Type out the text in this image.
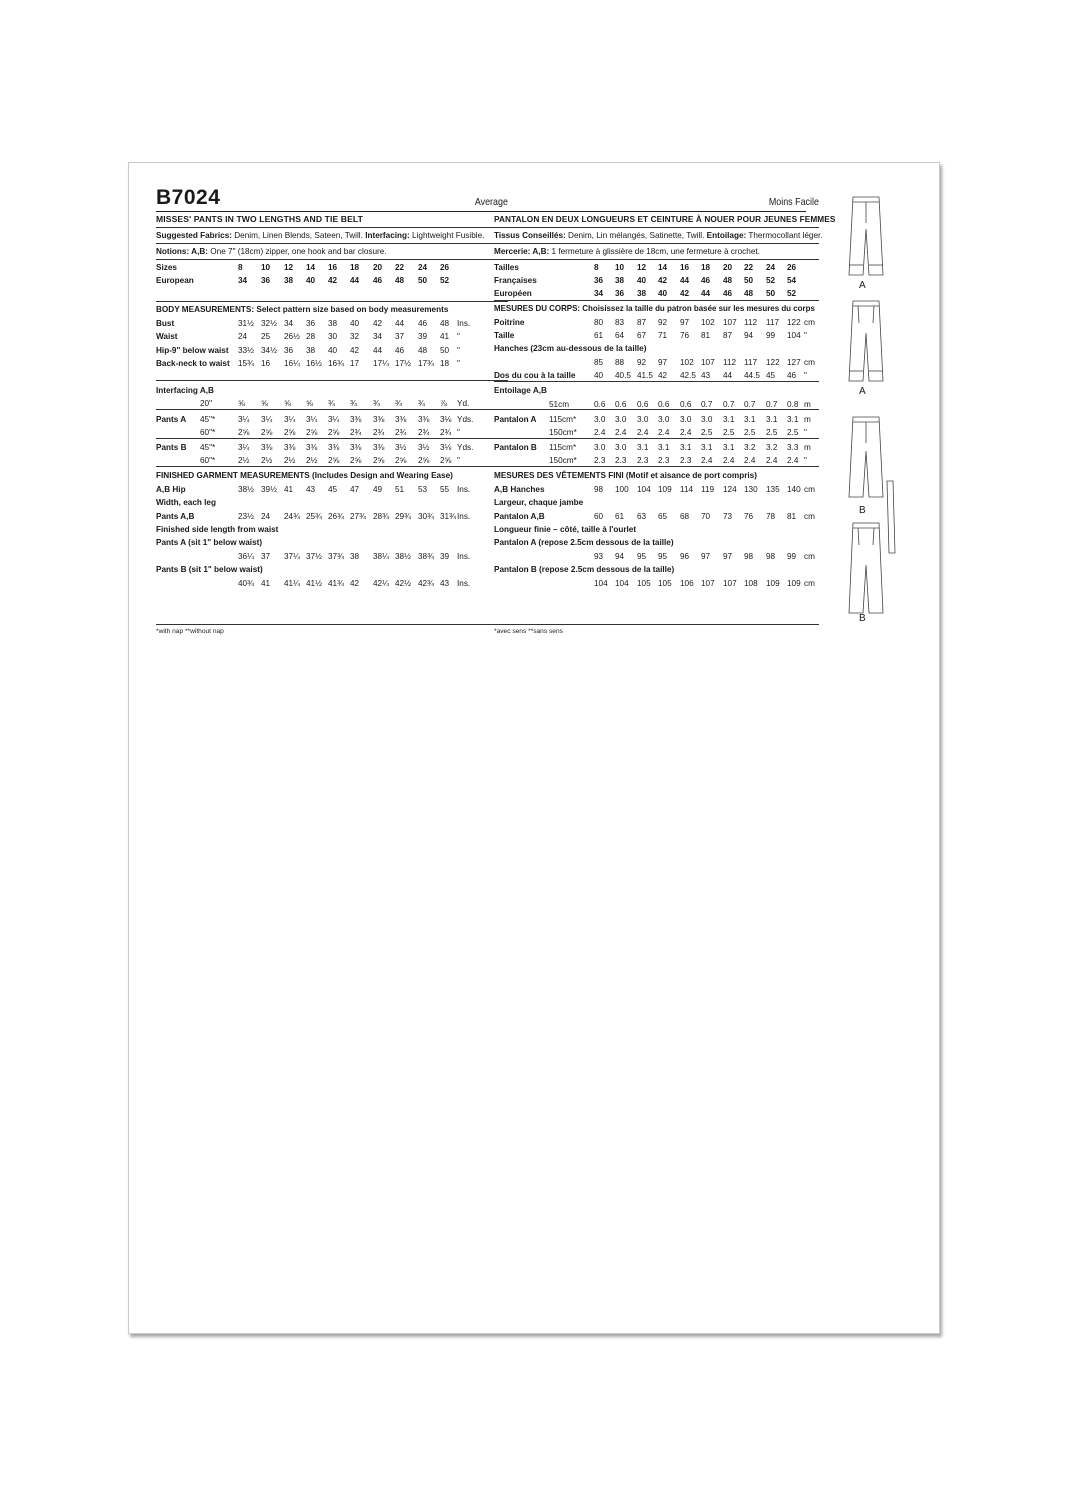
B7024	Average
MISSES' PANTS IN TWO LENGTHS AND TIE BELT
Suggested Fabrics: Denim, Linen Blends, Sateen, Twill. Interfacing: Lightweight Fusible.
Notions: A,B: One 7" (18cm) zipper, one hook and bar closure.
Sizes	8 10 12 14 16 18 20 22 24 26
European	34 36 38 40 42 44 46 48 50 52
BODY MEASUREMENTS: Select pattern size based on body measurements
Bust	31½ 32½ 34 36 38 40 42 44 46 48 Ins.
Waist	24 25 26½ 28 30 32 34 37 39 41 "
Hip-9" below waist 33½ 34½ 36 38 40 42 44 46 48 50 "
Back-neck to waist 15¾ 16 16¼ 16½ 16¾ 17 17¼ 17½ 17¾ 18 "
Interfacing A,B
20"	⅝ ⅝ ⅝ ⅝ ¾ ¾ ¾ ¾ ¾ ⅞ Yd.
Pants A 45"*	3¼ 3¼ 3¼ 3¼ 3¼ 3⅜ 3⅜ 3⅜ 3⅜ 3⅛ Yds.
60"*	2⅝ 2⅝ 2⅝ 2⅝ 2⅝ 2¾ 2¾ 2¾ 2¾ 2¾ "
Pants B 45"*	3¼ 3⅜ 3⅜ 3⅜ 3⅜ 3⅜ 3⅜ 3½ 3½ 3⅛ Yds.
60"*	2½ 2½ 2½ 2½ 2⅝ 2⅝ 2⅝ 2⅝ 2⅝ 2⅝ "
FINISHED GARMENT MEASUREMENTS (Includes Design and Wearing Ease)
A,B Hip	38½ 39½ 41 43 45 47 49 51 53 55 Ins.
Width, each leg
Pants A,B	23½ 24 24¾ 25¾ 26¾ 27¾ 28¾ 29¾ 30¾ 31¾ Ins.
Finished side length from waist
Pants A (sit 1" below waist)
36¼ 37 37¼ 37½ 37¾ 38 38¼ 38½ 38¾ 39 Ins.
Pants B (sit 1" below waist)
40¾ 41 41¼ 41½ 41¾ 42 42¼ 42½ 42¾ 43 Ins.
*with nap **without nap
Moins Facile
PANTALON EN DEUX LONGUEURS ET CEINTURE À NOUER POUR JEUNES FEMMES
Tissus Conseillés: Denim, Lin mélangés, Satinette, Twill. Entoilage: Thermocollant léger.
Mercerie: A,B: 1 fermeture à glissière de 18cm, une fermeture à crochet.
Tailles	8 10 12 14 16 18 20 22 24 26
Françaises	36 38 40 42 44 46 48 50 52 54
Européen	34 36 38 40 42 44 46 48 50 52
MESURES DU CORPS: Choisissez la taille du patron basée sur les mesures du corps
Poitrine	80 83 87 92 97 102 107 112 117 122 cm
Taille	61 64 67 71 76 81 87 94 99 104 "
Hanches (23cm au-dessous de la taille)
85 88 92 97 102 107 112 117 122 127 cm
Dos du cou à la taille 40 40.5 41.5 42 42.5 43 44 44.5 45 46 "
Entoilage A,B
51cm	0.6 0.6 0.6 0.6 0.6 0.7 0.7 0.7 0.7 0.8 m
Pantalon A 115cm* 3.0 3.0 3.0 3.0 3.0 3.0 3.1 3.1 3.1 3.1 m
150cm* 2.4 2.4 2.4 2.4 2.4 2.5 2.5 2.5 2.5 2.5 "
Pantalon B 115cm* 3.0 3.0 3.1 3.1 3.1 3.1 3.1 3.2 3.2 3.3 m
150cm* 2.3 2.3 2.3 2.3 2.3 2.4 2.4 2.4 2.4 2.4 "
MESURES DES VÊTEMENTS FINI (Motif et aisance de port compris)
A,B Hanches	98 100 104 109 114 119 124 130 135 140 cm
Largeur, chaque jambe
Pantalon A,B	60 61 63 65 68 70 73 76 78 81 cm
Longueur finie – côté, taille à l'ourlet
Pantalon A (repose 2.5cm dessous de la taille)
93 94 95 95 96 97 97 98 98 99 cm
Pantalon B (repose 2.5cm dessous de la taille)
104 104 105 105 106 107 107 108 109 109 cm
*avec sens **sans sens
A
A
B
B
